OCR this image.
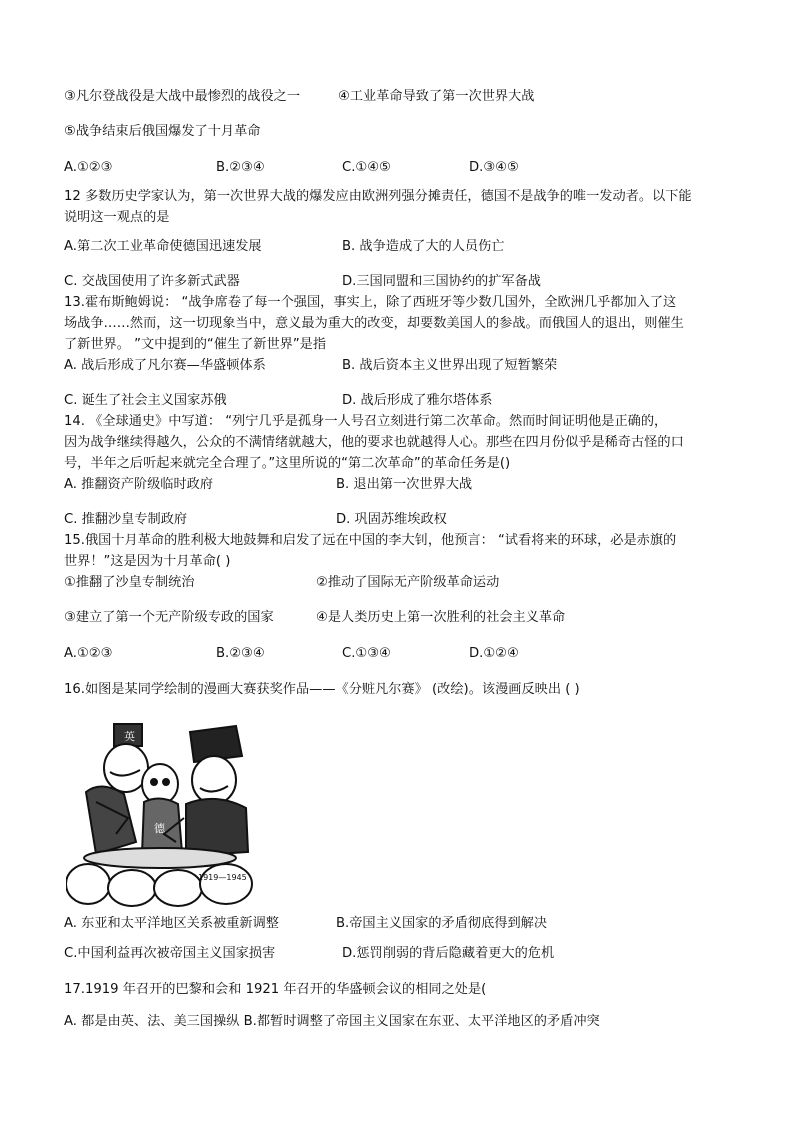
③凡尔登战役是大战中最惨烈的战役之一	④工业革命导致了第一次世界大战
⑤战争结束后俄国爆发了十月革命
A.①②③	B.②③④	C.①④⑤	D.③④⑤
12 多数历史学家认为，第一次世界大战的爆发应由欧洲列强分摊责任，德国不是战争的唯一发动者。以下能
说明这一观点的是
A.第二次工业革命使德国迅速发展	B. 战争造成了大的人员伤亡
C. 交战国使用了许多新式武器	D.三国同盟和三国协约的扩军备战
13.霍布斯鲍姆说： “战争席卷了每一个强国，事实上，除了西班牙等少数几国外，全欧洲几乎都加入了这
场战争……然而，这一切现象当中，意义最为重大的改变，却要数美国人的参战。而俄国人的退出，则催生
了新世界。 ”文中提到的“催生了新世界”是指
A. 战后形成了凡尔赛—华盛顿体系	B. 战后资本主义世界出现了短暂繁荣
C. 诞生了社会主义国家苏俄	D. 战后形成了雅尔塔体系
14. 《全球通史》中写道： “列宁几乎是孤身一人号召立刻进行第二次革命。然而时间证明他是正确的，
因为战争继续得越久，公众的不满情绪就越大，他的要求也就越得人心。那些在四月份似乎是稀奇古怪的口
号，半年之后听起来就完全合理了。”这里所说的“第二次革命”的革命任务是()
A. 推翻资产阶级临时政府	B. 退出第一次世界大战
C. 推翻沙皇专制政府	D. 巩固苏维埃政权
15.俄国十月革命的胜利极大地鼓舞和启发了远在中国的李大钊，他预言： “试看将来的环球，必是赤旗的
世界！”这是因为十月革命( )
①推翻了沙皇专制统治	②推动了国际无产阶级革命运动
③建立了第一个无产阶级专政的国家	④是人类历史上第一次胜利的社会主义革命
A.①②③	B.②③④	C.①③④	D.①②④
16.如图是某同学绘制的漫画大赛获奖作品——《分赃凡尔赛》 (改绘)。该漫画反映出 ( )
英
德
1919—1945
A. 东亚和太平洋地区关系被重新调整	B.帝国主义国家的矛盾彻底得到解决
C.中国利益再次被帝国主义国家损害	D.惩罚削弱的背后隐藏着更大的危机
17.1919 年召开的巴黎和会和 1921 年召开的华盛顿会议的相同之处是(
A. 都是由英、法、美三国操纵 B.都暂时调整了帝国主义国家在东亚、太平洋地区的矛盾冲突
